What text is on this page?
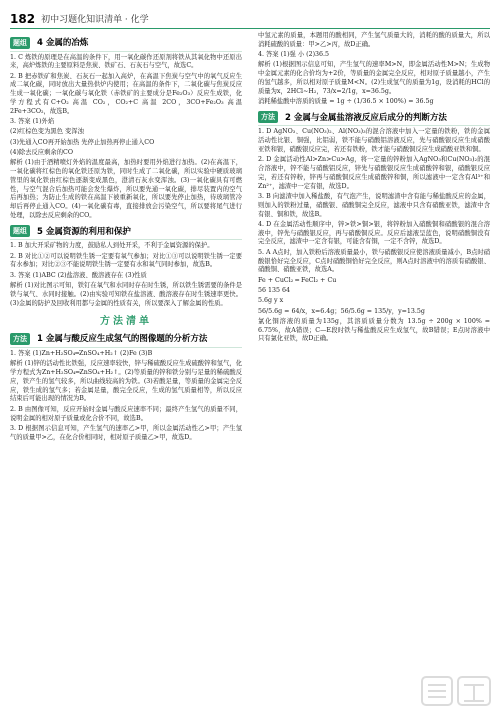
182 初中习题化知识清单 · 化学
题组 4 金属的冶炼

1. C 炼铁的原理是在高温的条件下，用一氧化碳作还原剂将铁从其氧化物中还原出来，高炉炼铁的主要原料是焦炭、铁矿石、石灰石与空气，故选C。

2. B 把赤铁矿和焦炭、石灰石一起加入高炉，在高温下焦炭与空气中的氧气反应生成二氧化碳，同时放出大量热供炉内使用；在高温的条件下，二氧化碳与焦炭反应生成一氧化碳；一氧化碳与氧化铁（赤铁矿的主要成分是Fe₂O₃）反应生成铁，化学方程式有C+O₂ 高温 CO₂，CO₂+C 高温 2CO，3CO+Fe₂O₃ 高温 2Fe+3CO₂，故选B。

3. 答案 (1)外焰

(2)红棕色变为黑色 变浑浊

(3)先通入CO再开始加热 先停止加热再停止通入CO

(4)除去反应剩余的CO

解析 (1)由于酒精喷灯外焰的温度最高，加热时要用外焰进行加热。(2)在高温下，一氧化碳将红棕色的氧化铁还原为铁，同时生成了二氧化碳，所以实验中硬质玻璃管里的氧化铁由红棕色逐渐变成黑色，澄清石灰水变浑浊。(3)一氧化碳具有可燃性，与空气混合后加热可能会发生爆炸，所以要先通一氧化碳，排尽装置内的空气后再加热；为防止生成的铁在高温下被重新氧化，所以要先停止加热，待玻璃管冷却后再停止通入CO。(4)一氧化碳有毒，直接排放会污染空气，所以要将尾气进行处理，以除去反应剩余的CO。

题组 5 金属资源的利用和保护

1. B 加大开采矿物的力度，鼓励私人到处开采，不利于金属资源的保护。

2. B 对比①②可以说明铁生锈一定要有氧气参加；对比①③可以说明铁生锈一定要有水参加；对比②③不能说明铁生锈一定要有水和氧气同时参加，故选B。

3. 答案 (1)ABC (2)盐溶液、酸溶液存在 (3)性质

解析 (1)对比图示可知，铁钉在氧气和水同时存在时生锈，所以铁生锈需要的条件是铁与氧气、水同时接触。(2)由实验可知铁在盐溶液、酸溶液存在时生锈速率更快。(3)金属的防护及回收利用都与金属的性质有关，所以要深入了解金属的性质。

方法清单
方法 1 金属与酸反应生成氢气的图像题的分析方法

1. 答案 (1)Zn+H₂SO₄═ZnSO₄+H₂↑ (2)Fe (3)B

解析 (1)锌的活动性比铁强，反应速率较快，锌与稀硫酸反应生成硫酸锌和氢气，化学方程式为Zn+H₂SO₄═ZnSO₄+H₂↑。(2)等质量的锌和铁分别与足量的稀硫酸反应，铁产生的氢气较多，所以曲线较高的为铁。(3)若酸足量，等质量的金属完全反应，铁生成的氢气多；若金属足量，酸完全反应，生成的氢气质量相等，所以反应结束后可能出现的情况为B。

2. B 由图像可知，反应开始时金属与酸反应速率不同；最终产生氢气的质量不同，说明金属的相对原子质量或化合价不同，故选B。

3. D 根据图示信息可知，产生氢气的速率乙>甲，所以金属活动性乙>甲；产生氢气的质量甲>乙，在化合价相同时，相对原子质量乙>甲，故选D。

中氢元素的质量，本题用的酸相同，产生氢气质量大的，消耗的酸的质量大，所以消耗硫酸的质量：甲>乙>丙，故D正确。

4. 答案 (1)强 小 (2)36.5

解析 (1)根据图示信息可知，产生氢气的速率M>N，即金属活动性M>N；生成物中金属元素的化合价均为+2价，等质量的金属完全反应，相对原子质量越小，产生的氢气越多，所以相对原子质量M<N。(2)生成氢气的质量为1g，设消耗的HCl的质量为x，2HCl~H₂，73/x=2/1g，x=36.5g。

消耗稀盐酸中溶质的质量 = 1g ÷ (1/36.5 × 100%) = 36.5g

方法 2 金属与金属盐溶液反应后成分的判断方法

1. D AgNO₃、Cu(NO₃)₂、Al(NO₃)₃的混合溶液中加入一定量的铁粉，铁的金属活动性比银、铜强，比铝弱，铁不能与硝酸铝溶液反应，先与硝酸银反应生成硝酸亚铁和银，硝酸银反应完，若还有铁粉，铁才能与硝酸铜反应生成硝酸亚铁和铜。

2. D 金属活动性Al>Zn>Cu>Ag，将一定量的锌粉加入AgNO₃和Cu(NO₃)₂的混合溶液中，锌不能与硝酸铝反应，锌先与硝酸银反应生成硝酸锌和银，硝酸银反应完，若还有锌粉，锌再与硝酸铜反应生成硝酸锌和铜，所以滤液中一定含有Al³⁺和Zn²⁺，滤渣中一定有银，故选D。

3. B 向滤渣中加入稀盐酸，有气泡产生，说明滤渣中含有能与稀盐酸反应的金属，则加入的铁粉过量，硝酸银、硝酸铜完全反应，滤液中只含有硝酸亚铁，滤渣中含有银、铜和铁，故选B。

4. D 在金属活动性顺序中，锌>铁>铜>银，将锌粉加入硝酸铜和硝酸银的混合溶液中，锌先与硝酸银反应，再与硝酸铜反应。反应后滤液呈蓝色，说明硝酸铜没有完全反应，滤渣中一定含有银，可能含有铜，一定不含锌，故选D。

5. A A点时，加入铁粉后溶液质量最小，铁与硝酸银反应使溶液质量减小，B点时硝酸银恰好完全反应，C点时硝酸铜恰好完全反应，则A点时溶液中的溶质有硝酸银、硝酸铜、硝酸亚铁，故选A。

Fe + CuCl₂ ═ FeCl₂ + Cu

56 135 64

5.6g y x

56/5.6g = 64/x，x=6.4g；56/5.6g = 135/y，y=13.5g

氯化铜溶液的质量为135g，其溶质质量分数为 13.5g ÷ 200g × 100% = 6.75%，故A错误；C—E段时铁与稀盐酸反应生成氢气，故B错误；E点时溶液中只有氯化亚铁，故D正确。
